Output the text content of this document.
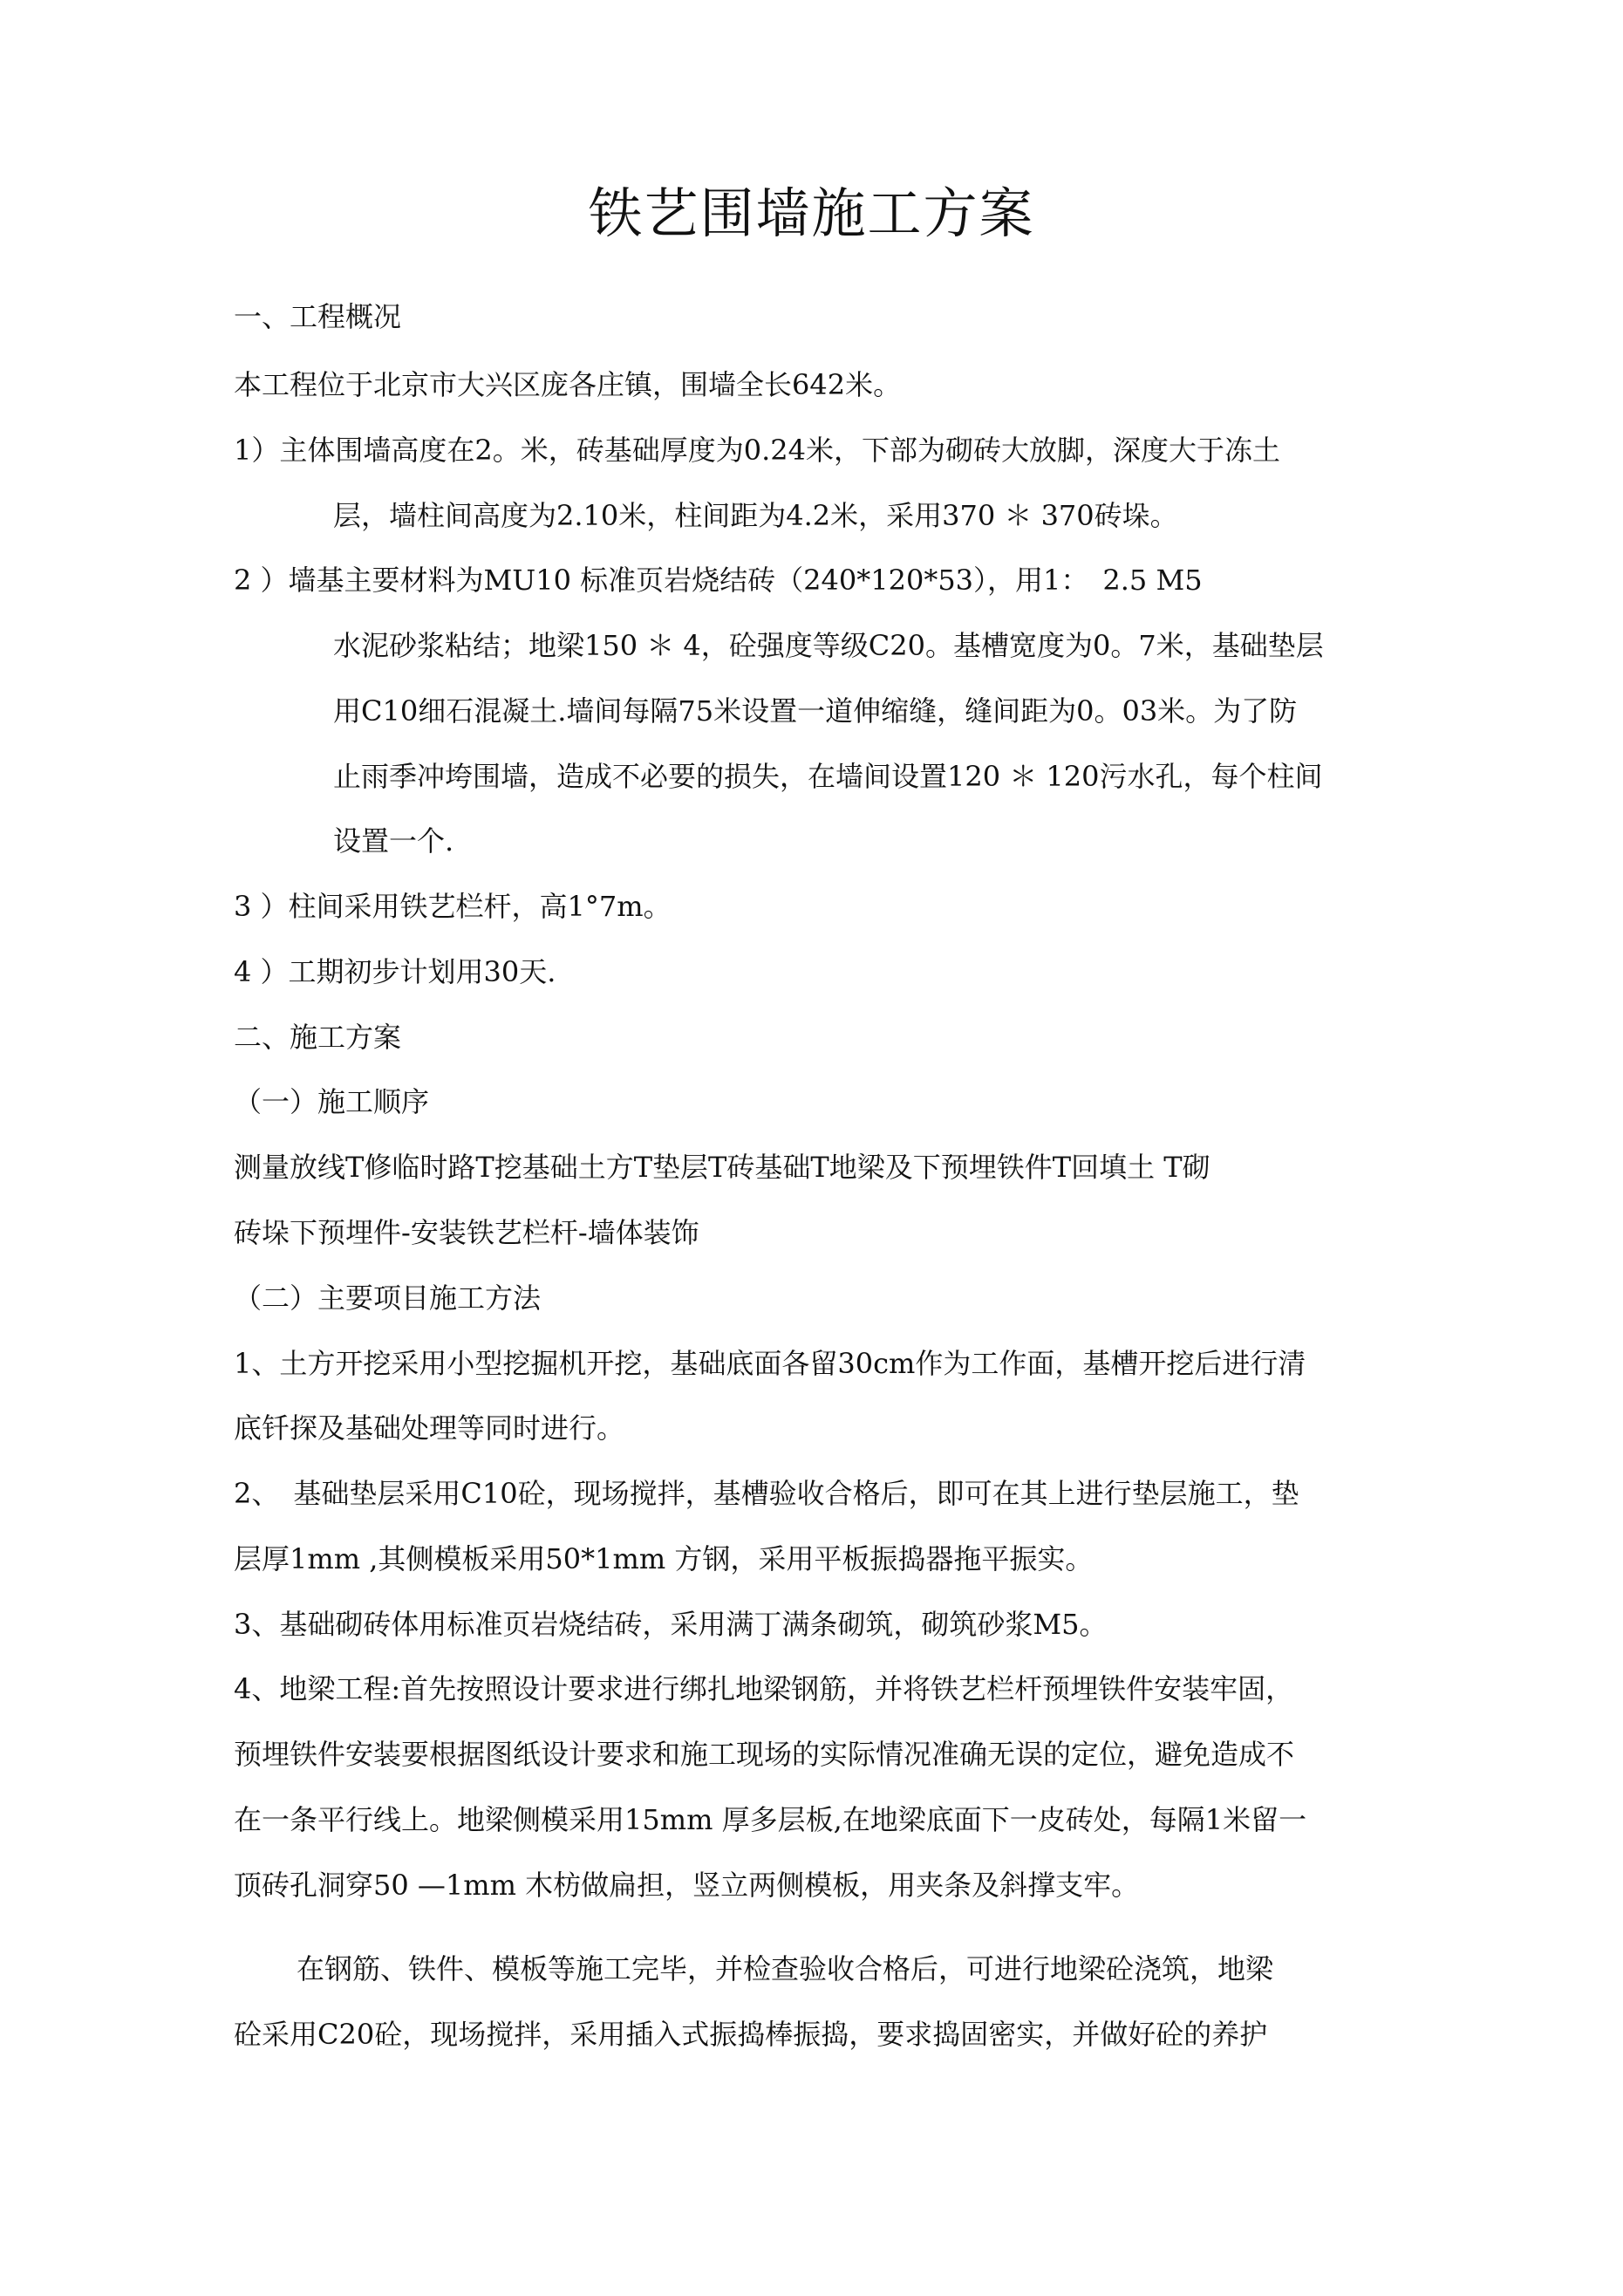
铁艺围墙施工方案
一、工程概况
本工程位于北京市大兴区庞各庄镇，围墙全长642米。
1）主体围墙高度在2。米，砖基础厚度为0.24米，下部为砌砖大放脚，深度大于冻土
层，墙柱间高度为2.10米，柱间距为4.2米，采用370 ＊ 370砖垛。
2 ）墙基主要材料为MU10 标准页岩烧结砖（240*120*53），用1：　2.5 M5
水泥砂浆粘结；地梁150 ＊ 4，砼强度等级C20。基槽宽度为0。7米，基础垫层
用C10细石混凝土.墙间每隔75米设置一道伸缩缝，缝间距为0。03米。为了防
止雨季冲垮围墙，造成不必要的损失，在墙间设置120 ＊ 120污水孔，每个柱间
设置一个.
3 ）柱间采用铁艺栏杆，高1°7m。
4 ）工期初步计划用30天.
二、施工方案
（一）施工顺序
测量放线T修临时路T挖基础土方T垫层T砖基础T地梁及下预埋铁件T回填土 T砌
砖垛下预埋件-安装铁艺栏杆-墙体装饰
（二）主要项目施工方法
1、土方开挖采用小型挖掘机开挖，基础底面各留30cm作为工作面，基槽开挖后进行清
底钎探及基础处理等同时进行。
2、　基础垫层采用C10砼，现场搅拌，基槽验收合格后，即可在其上进行垫层施工，垫
层厚1mm ,其侧模板采用50*1mm 方钢，采用平板振捣器拖平振实。
3、基础砌砖体用标准页岩烧结砖，采用满丁满条砌筑，砌筑砂浆M5。
4、地梁工程:首先按照设计要求进行绑扎地梁钢筋，并将铁艺栏杆预埋铁件安装牢固，
预埋铁件安装要根据图纸设计要求和施工现场的实际情况准确无误的定位，避免造成不
在一条平行线上。地梁侧模采用15mm 厚多层板,在地梁底面下一皮砖处，每隔1米留一
顶砖孔洞穿50 —1mm 木枋做扁担，竖立两侧模板，用夹条及斜撑支牢。
在钢筋、铁件、模板等施工完毕，并检查验收合格后，可进行地梁砼浇筑，地梁
砼采用C20砼，现场搅拌，采用插入式振捣棒振捣，要求捣固密实，并做好砼的养护
